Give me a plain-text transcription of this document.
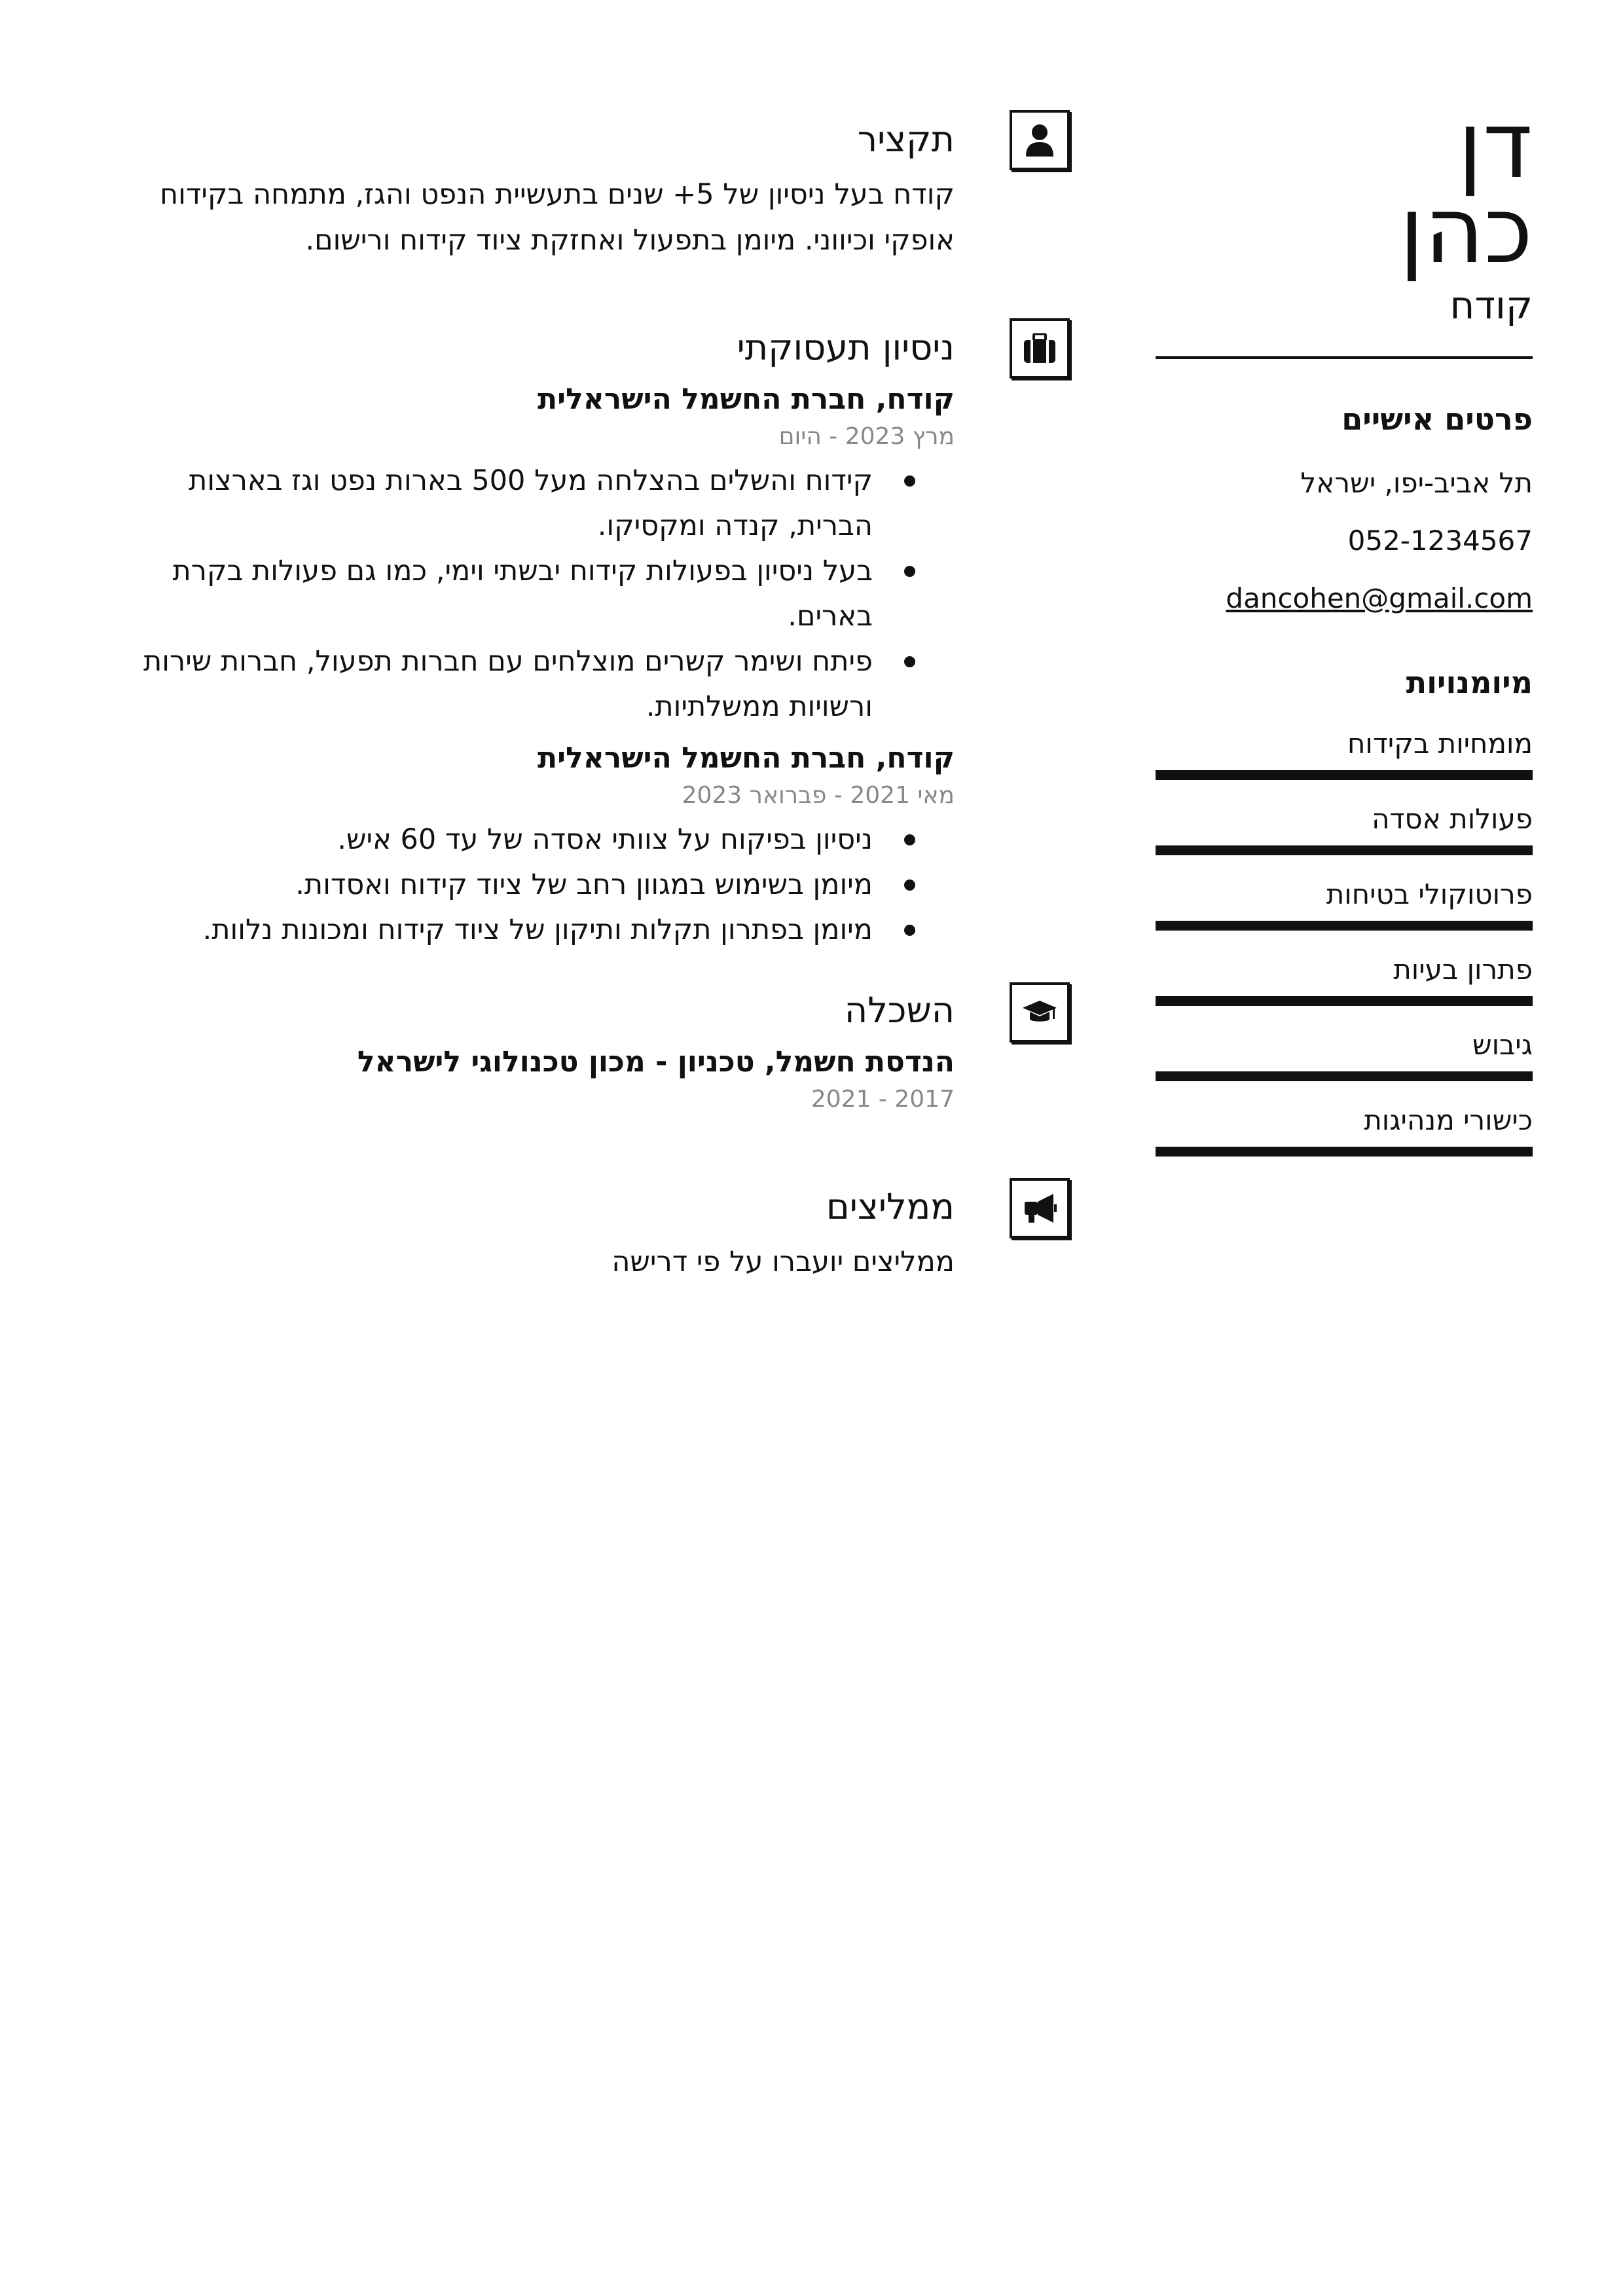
דן
כהן
קודח
פרטים אישיים
תל אביב-יפו, ישראל
052-1234567
dancohen@gmail.com
מיומנויות
מומחיות בקידוח
פעולות אסדה
פרוטוקולי בטיחות
פתרון בעיות
גיבוש
כישורי מנהיגות
תקציר
קודח בעל ניסיון של 5+ שנים בתעשיית הנפט והגז, מתמחה בקידוח אופקי וכיווני. מיומן בתפעול ואחזקת ציוד קידוח ורישום.
ניסיון תעסוקתי
קודח, חברת החשמל הישראלית
מרץ 2023 - היום
קידוח והשלים בהצלחה מעל 500 בארות נפט וגז בארצות הברית, קנדה ומקסיקו.
בעל ניסיון בפעולות קידוח יבשתי וימי, כמו גם פעולות בקרת בארים.
פיתח ושימר קשרים מוצלחים עם חברות תפעול, חברות שירות ורשויות ממשלתיות.
קודח, חברת החשמל הישראלית
מאי 2021 - פברואר 2023
ניסיון בפיקוח על צוותי אסדה של עד 60 איש.
מיומן בשימוש במגוון רחב של ציוד קידוח ואסדות.
מיומן בפתרון תקלות ותיקון של ציוד קידוח ומכונות נלוות.
השכלה
הנדסת חשמל, טכניון - מכון טכנולוגי לישראל
2017 - 2021
ממליצים
ממליצים יועברו על פי דרישה
